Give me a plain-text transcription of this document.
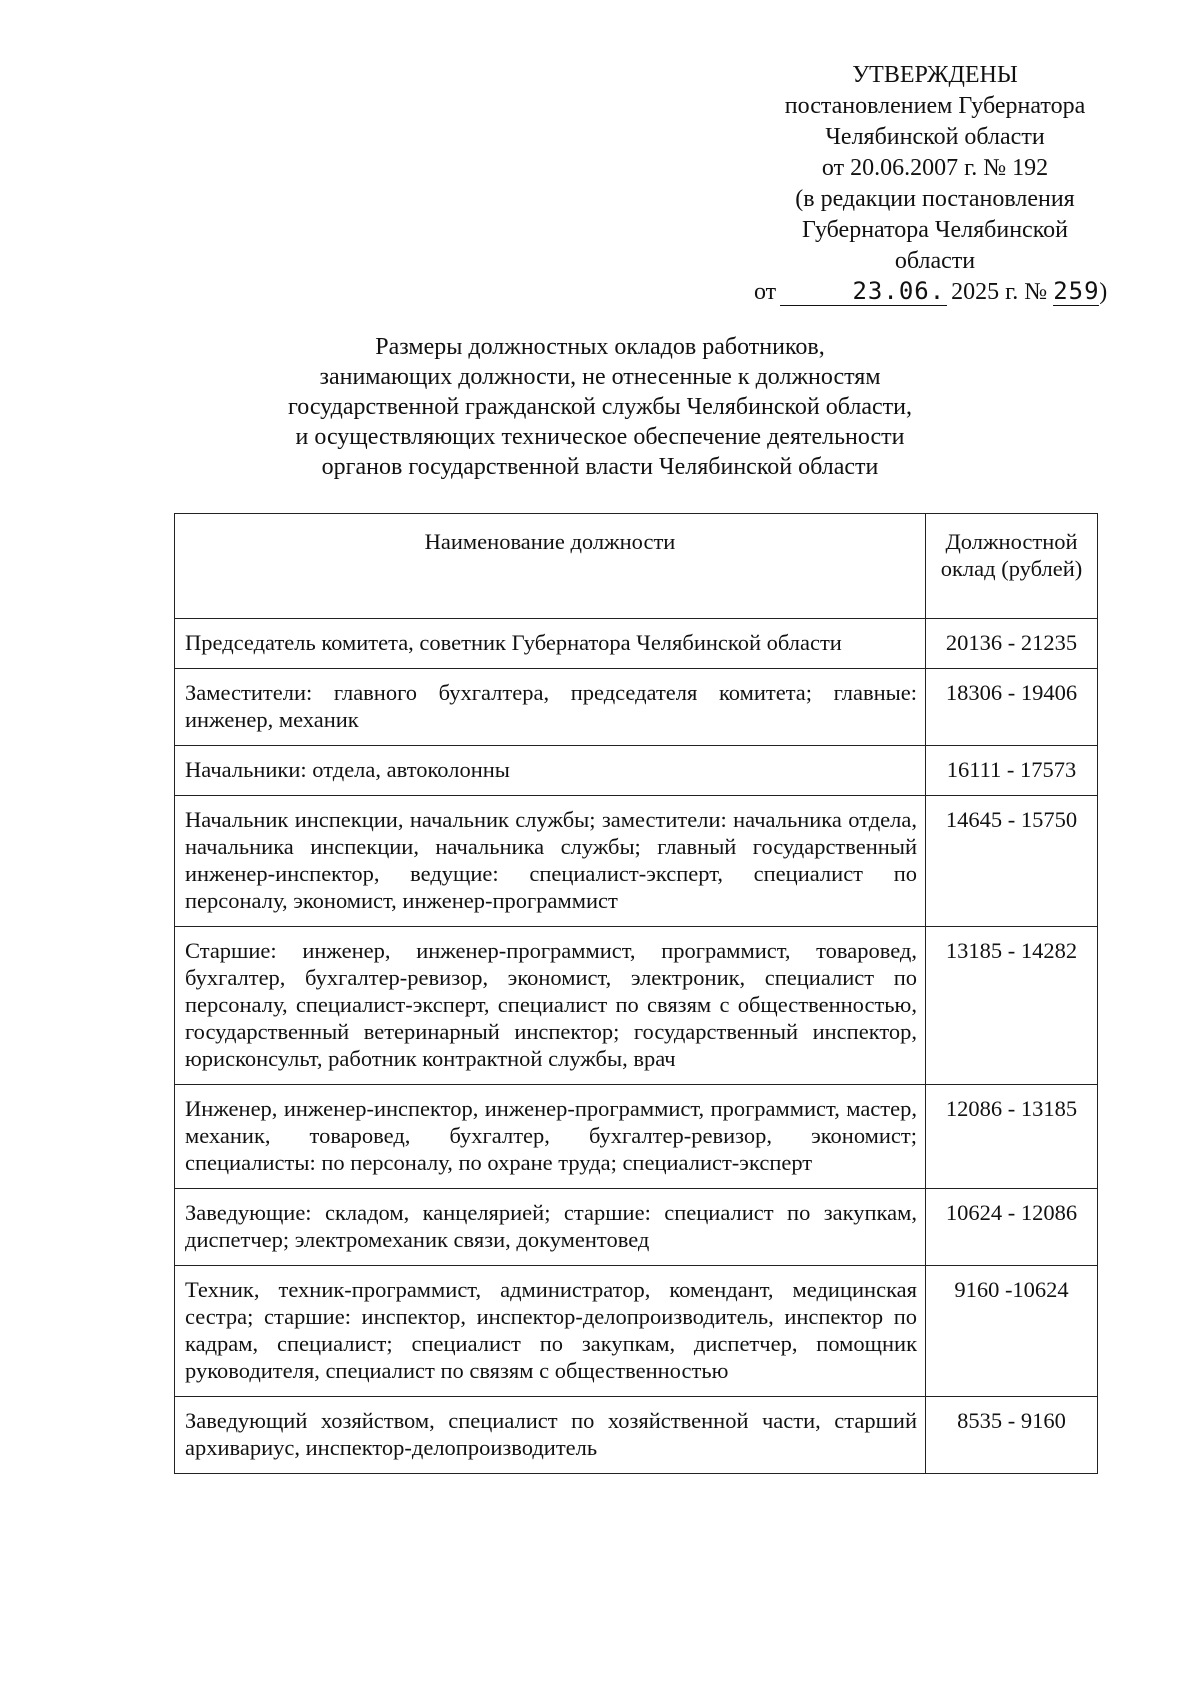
УТВЕРЖДЕНЫ
постановлением Губернатора
Челябинской области
от 20.06.2007 г. № 192
(в редакции постановления
Губернатора Челябинской
области
от	23.06. 2025 г. № 259)
Размеры должностных окладов работников,
занимающих должности, не отнесенные к должностям
государственной гражданской службы Челябинской области,
и осуществляющих техническое обеспечение деятельности
органов государственной власти Челябинской области
Наименование должности	Должностной оклад (рублей)
Председатель комитета, советник Губернатора Челябинской области	20136 - 21235
Заместители: главного бухгалтера, председателя комитета; главные: инженер, механик	18306 - 19406
Начальники: отдела, автоколонны	16111 - 17573
Начальник инспекции, начальник службы; заместители: начальника отдела, начальника инспекции, начальника службы; главный государственный инженер-инспектор, ведущие: специалист-эксперт, специалист по персоналу, экономист, инженер-программист	14645 - 15750
Старшие: инженер, инженер-программист, программист, товаровед, бухгалтер, бухгалтер-ревизор, экономист, электроник, специалист по персоналу, специалист-эксперт, специалист по связям с общественностью, государственный ветеринарный инспектор; государственный инспектор, юрисконсульт, работник контрактной службы, врач	13185 - 14282
Инженер, инженер-инспектор, инженер-программист, программист, мастер, механик, товаровед, бухгалтер, бухгалтер-ревизор, экономист; специалисты: по персоналу, по охране труда; специалист-эксперт	12086 - 13185
Заведующие: складом, канцелярией; старшие: специалист по закупкам, диспетчер; электромеханик связи, документовед	10624 - 12086
Техник, техник-программист, администратор, комендант, медицинская сестра; старшие: инспектор, инспектор-делопроизводитель, инспектор по кадрам, специалист; специалист по закупкам, диспетчер, помощник руководителя, специалист по связям с общественностью	9160 -10624
Заведующий хозяйством, специалист по хозяйственной части, старший архивариус, инспектор-делопроизводитель	8535 - 9160
